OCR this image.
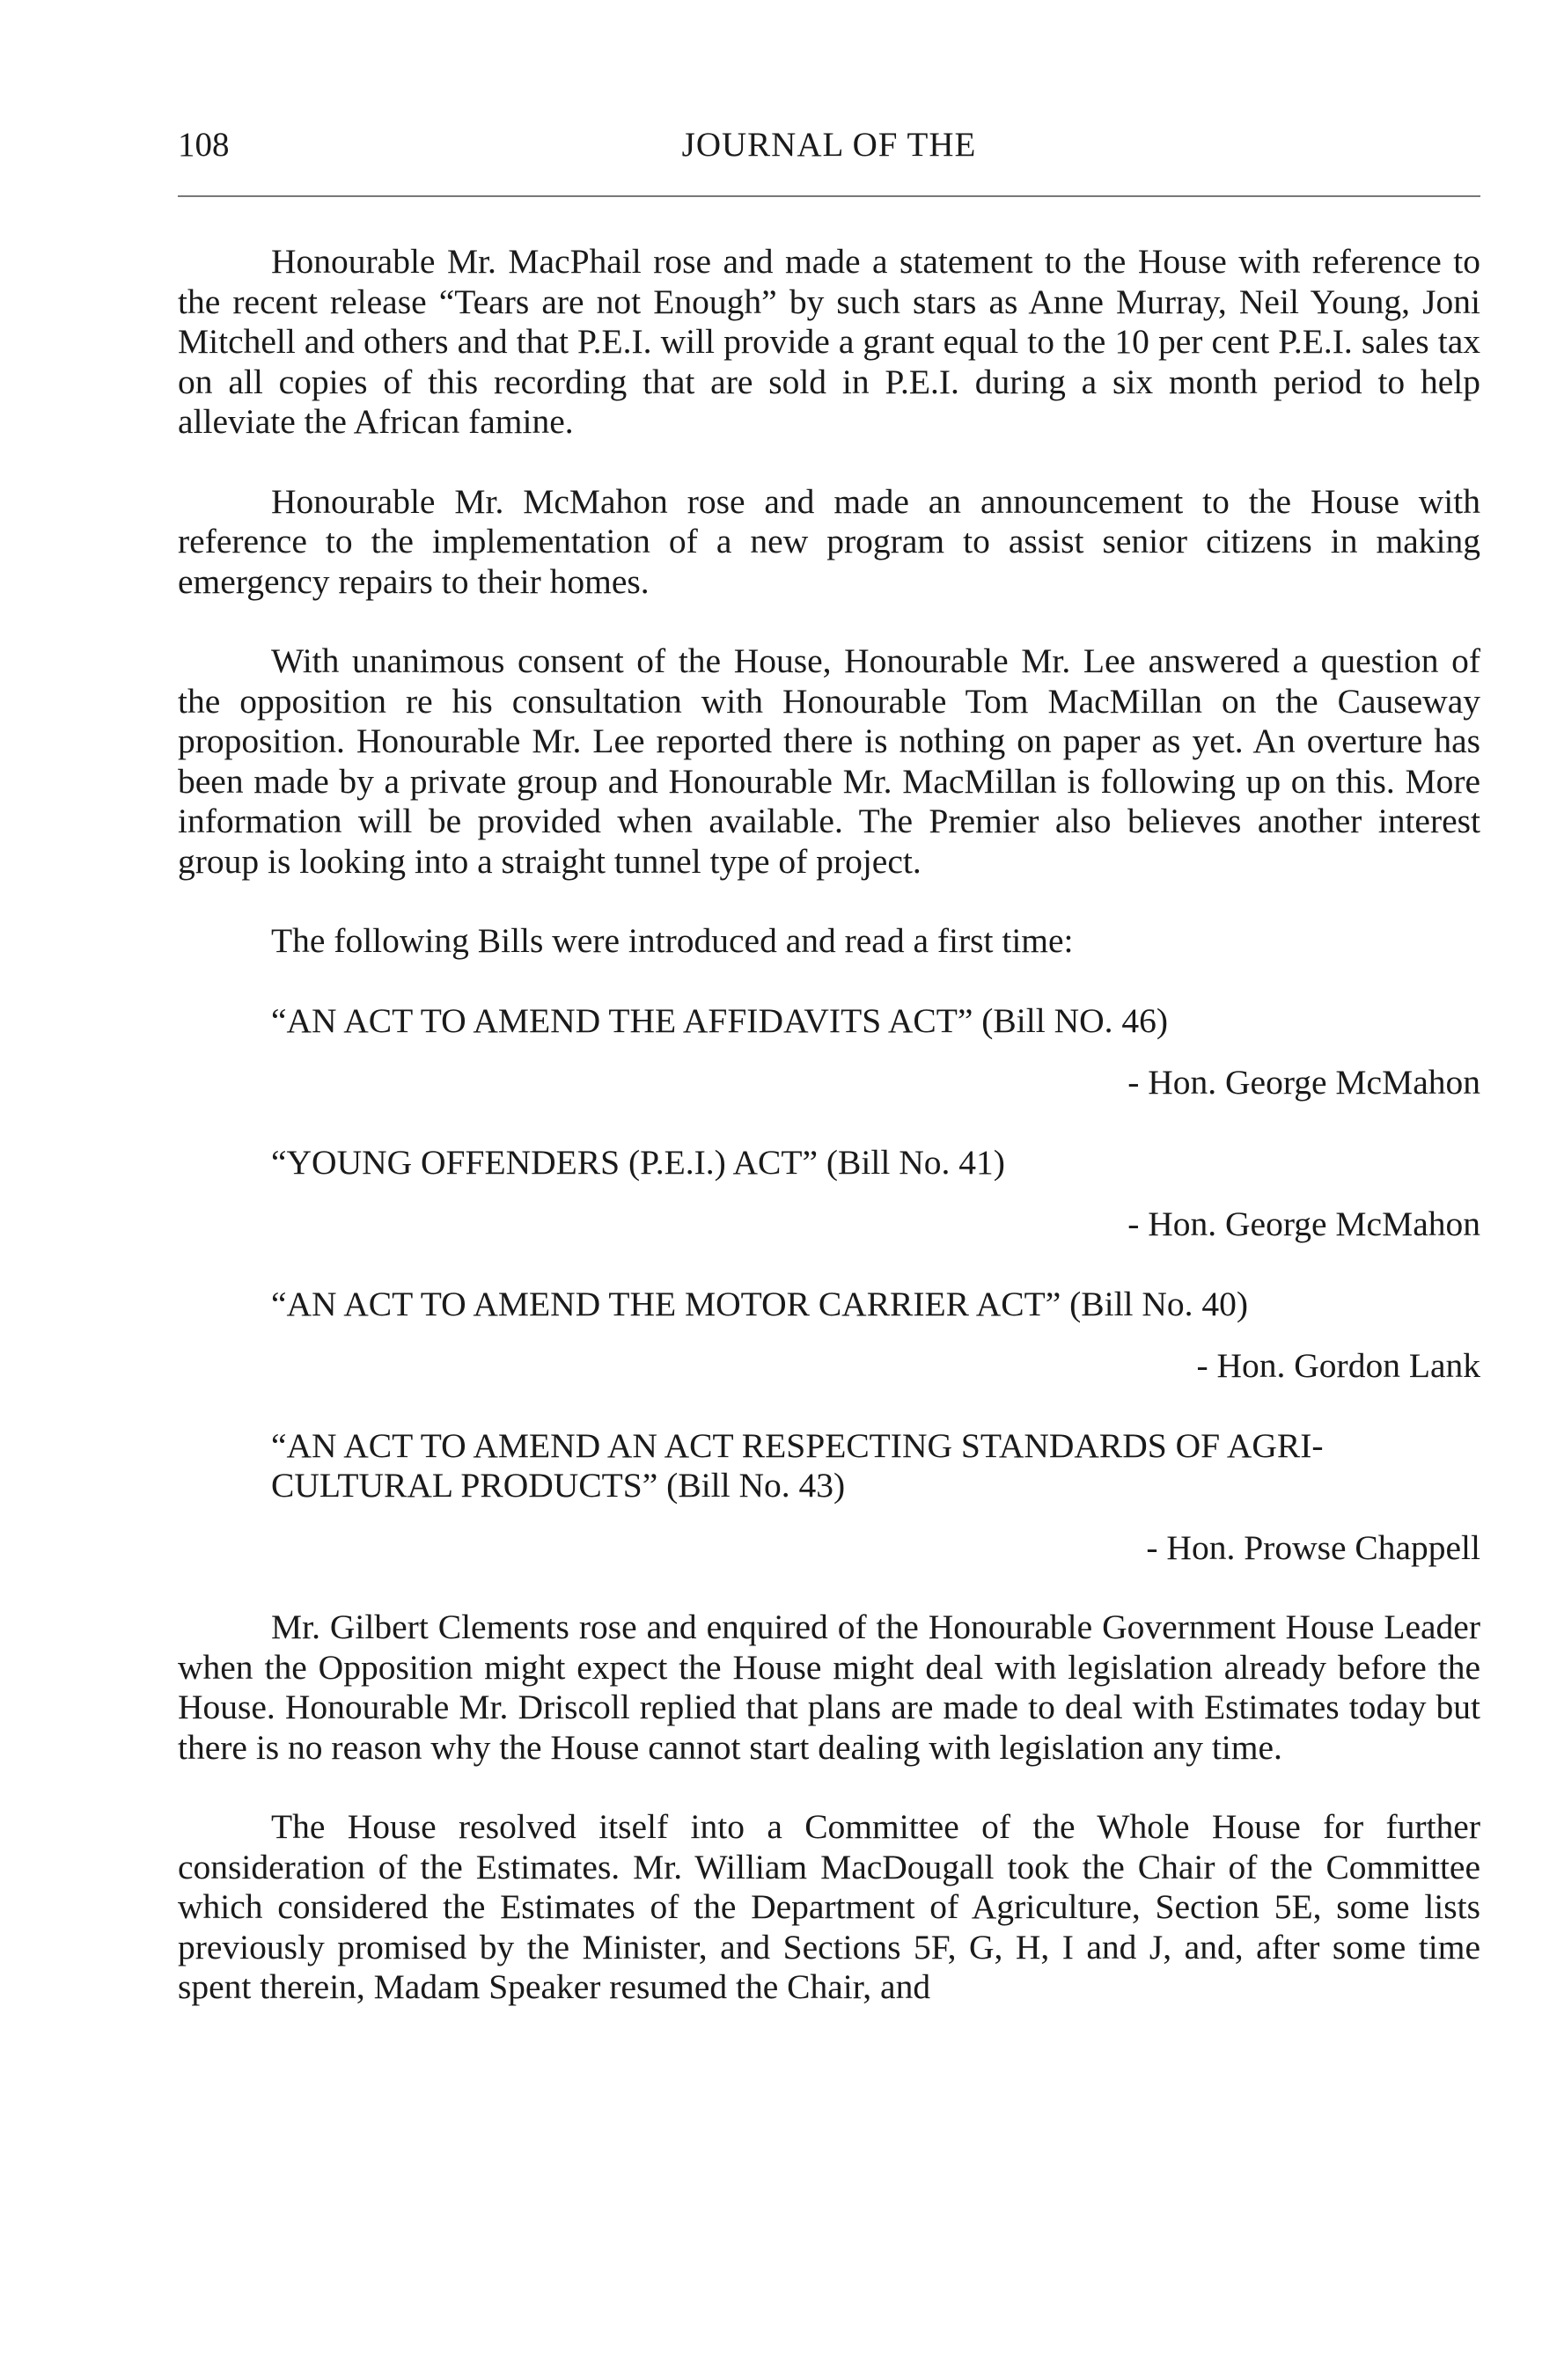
108	JOURNAL OF THE

Honourable Mr. MacPhail rose and made a statement to the House with reference to the recent release “Tears are not Enough” by such stars as Anne Murray, Neil Young, Joni Mitchell and others and that P.E.I. will provide a grant equal to the 10 per cent P.E.I. sales tax on all copies of this recording that are sold in P.E.I. during a six month period to help alleviate the African famine.

Honourable Mr. McMahon rose and made an announcement to the House with reference to the implementation of a new program to assist senior citizens in making emergency repairs to their homes.

With unanimous consent of the House, Honourable Mr. Lee answered a question of the opposition re his consultation with Honourable Tom MacMillan on the Causeway proposition. Honourable Mr. Lee reported there is nothing on paper as yet. An overture has been made by a private group and Honourable Mr. MacMillan is following up on this. More information will be provided when available. The Premier also believes another interest group is looking into a straight tunnel type of project.

The following Bills were introduced and read a first time:

“AN ACT TO AMEND THE AFFIDAVITS ACT” (Bill NO. 46)

- Hon. George McMahon

“YOUNG OFFENDERS (P.E.I.) ACT” (Bill No. 41)

- Hon. George McMahon

“AN ACT TO AMEND THE MOTOR CARRIER ACT” (Bill No. 40)

- Hon. Gordon Lank

“AN ACT TO AMEND AN ACT RESPECTING STANDARDS OF AGRICULTURAL PRODUCTS” (Bill No. 43)

- Hon. Prowse Chappell

Mr. Gilbert Clements rose and enquired of the Honourable Government House Leader when the Opposition might expect the House might deal with legislation already before the House. Honourable Mr. Driscoll replied that plans are made to deal with Estimates today but there is no reason why the House cannot start dealing with legislation any time.

The House resolved itself into a Committee of the Whole House for further consideration of the Estimates. Mr. William MacDougall took the Chair of the Committee which considered the Estimates of the Department of Agriculture, Section 5E, some lists previously promised by the Minister, and Sections 5F, G, H, I and J, and, after some time spent therein, Madam Speaker resumed the Chair, and
